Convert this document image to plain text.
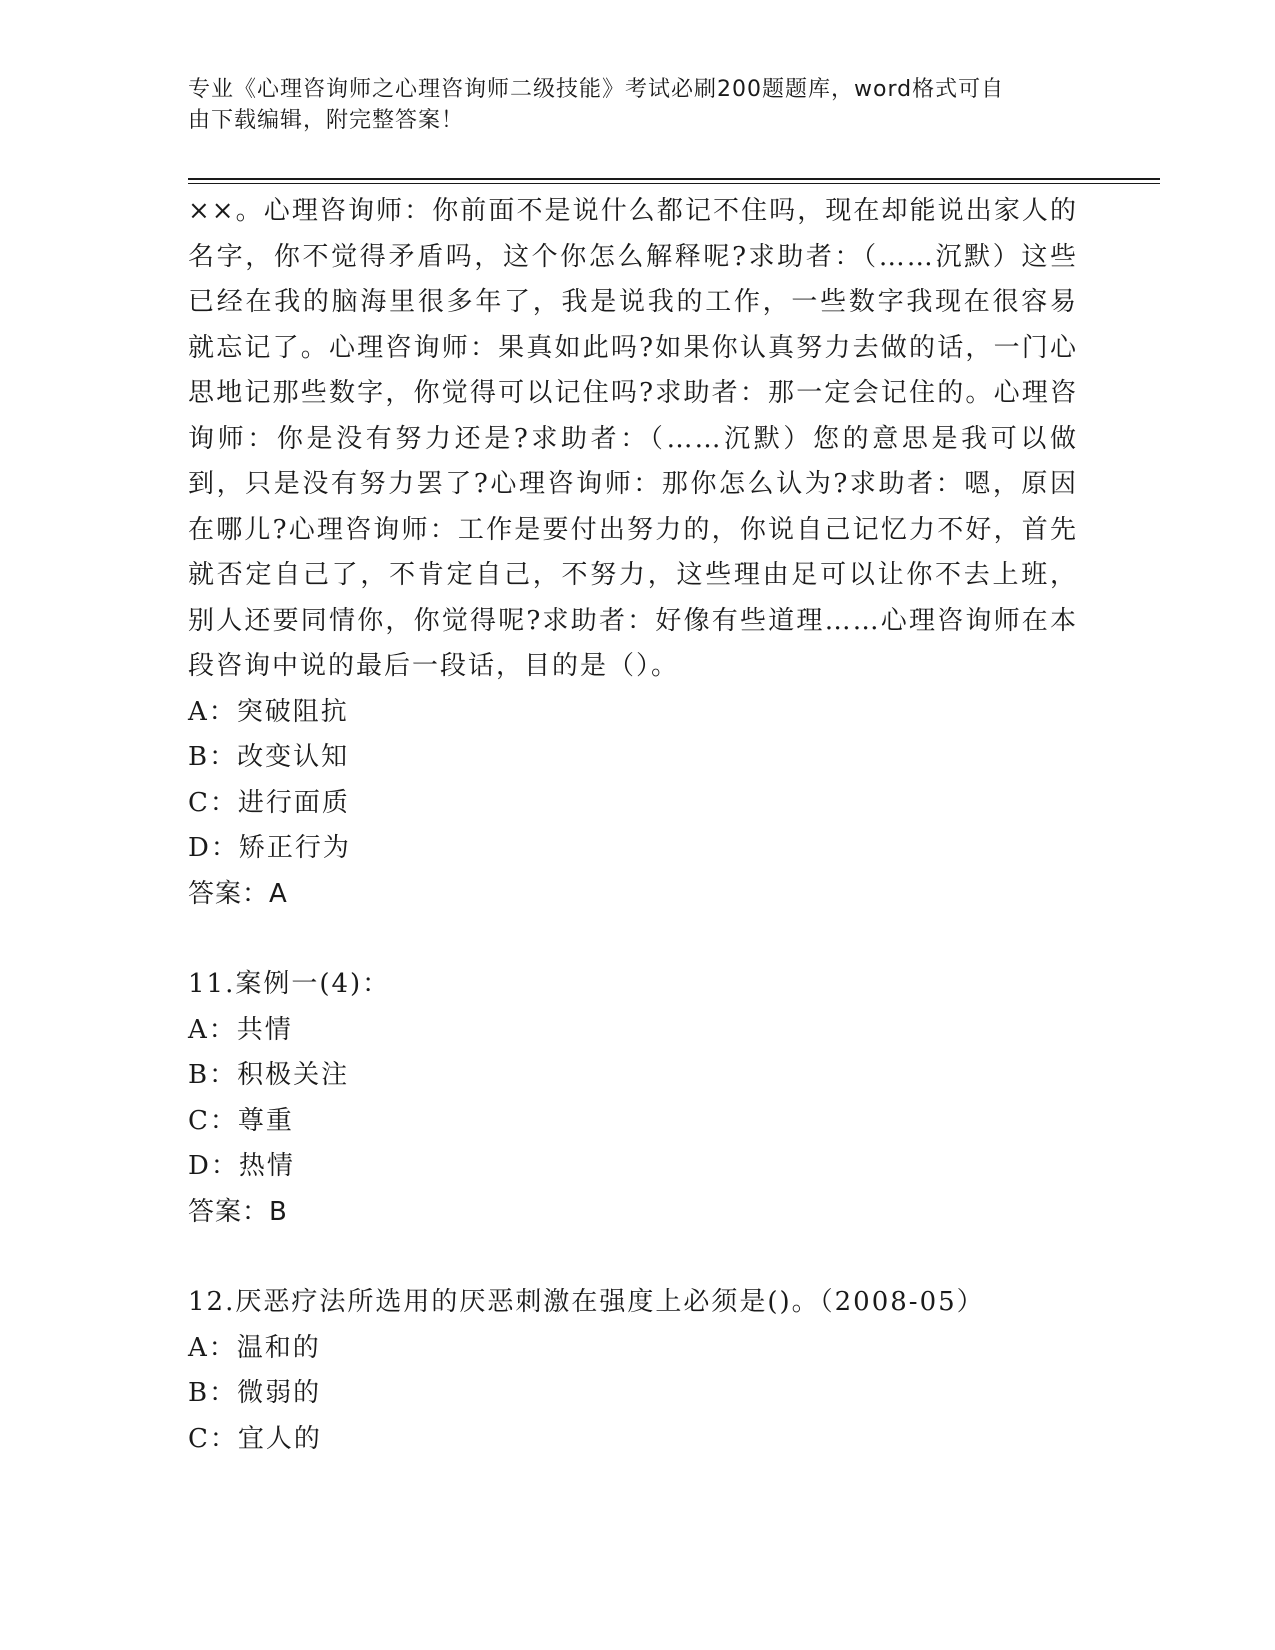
专业《心理咨询师之心理咨询师二级技能》考试必刷200题题库，word格式可自
由下载编辑，附完整答案！

××。心理咨询师：你前面不是说什么都记不住吗，现在却能说出家人的名字，你不觉得矛盾吗，这个你怎么解释呢?求助者：（……沉默）这些已经在我的脑海里很多年了，我是说我的工作，一些数字我现在很容易就忘记了。心理咨询师：果真如此吗?如果你认真努力去做的话，一门心思地记那些数字，你觉得可以记住吗?求助者：那一定会记住的。心理咨询师：你是没有努力还是?求助者：（……沉默）您的意思是我可以做到，只是没有努力罢了?心理咨询师：那你怎么认为?求助者：嗯，原因在哪儿?心理咨询师：工作是要付出努力的，你说自己记忆力不好，首先就否定自己了，不肯定自己，不努力，这些理由足可以让你不去上班，别人还要同情你，你觉得呢?求助者：好像有些道理……心理咨询师在本段咨询中说的最后一段话，目的是（）。

A：突破阻抗

B：改变认知

C：进行面质

D：矫正行为

答案：A

11.案例一(4)：

A：共情

B：积极关注

C：尊重

D：热情

答案：B

12.厌恶疗法所选用的厌恶刺激在强度上必须是()。（2008-05）

A：温和的

B：微弱的

C：宜人的
